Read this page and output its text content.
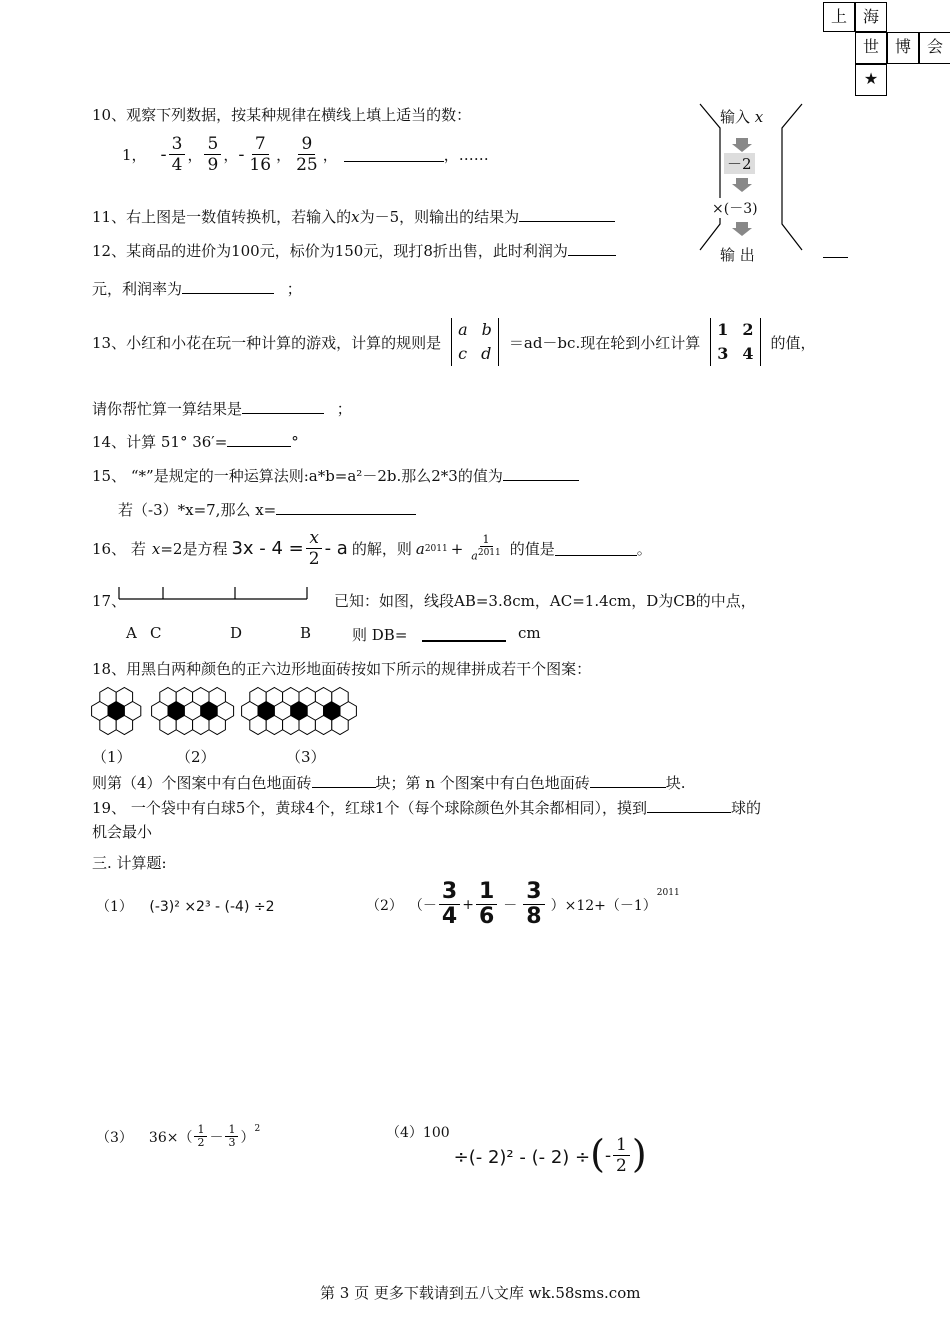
上 海
世 博 会
★
输入 x
－2
×(－3)
输 出
10、观察下列数据，按某种规律在横线上填上适当的数：
1， - $\frac{3}{4}$ ， $\frac{5}{9}$ ， - $\frac{7}{16}$ ， $\frac{9}{25}$ ，	，……
11、右上图是一数值转换机，若输入的x为－5，则输出的结果为
12、某商品的进价为100元，标价为150元，现打8折出售，此时利润为
元，利润率为	；
13、小红和小花在玩一种计算的游戏，计算的规则是
a b
c d
＝ad－bc.现在轮到小红计算
1 2
3 4
的值，
请你帮忙算一算结果是	；
14、计算 51° 36′=	°
15、 “*”是规定的一种运算法则:a*b=a²－2b.那么2*3的值为
若（-3）*x=7,那么 x=
16、 若 x =2是方程 $3x - 4 = \frac{x}{2} - a$ 的解，则 a $2011 + \frac{1}{a^{2011}}$ 的值是	。
17、	已知：如图，线段AB=3.8cm，AC=1.4cm，D为CB的中点，
A C	D	B	则 DB=	cm
18、用黑白两种颜色的正六边形地面砖按如下所示的规律拼成若干个图案：
（1）	（2）	（3）
则第（4）个图案中有白色地面砖	块；第 n 个图案中有白色地面砖	块.
19、 一个袋中有白球5个，黄球4个，红球1个（每个球除颜色外其余都相同），摸到	球的
机会最小
三. 计算题:
（1） (-3)² ×2³ - (-4) ÷2	（2） （－ $\frac{3}{4} + \frac{1}{6} - \frac{3}{8} )\times 12+(-1)$
$^{2011}$
（3） $36\times( \frac{1}{2} - \frac{1}{3}$ ）
$^2$	（4）100
÷(- 2)² - (- 2) ÷ ( - $\frac{1}{2}$ )
第 3 页 更多下载请到五八文库 wk.58sms.com
